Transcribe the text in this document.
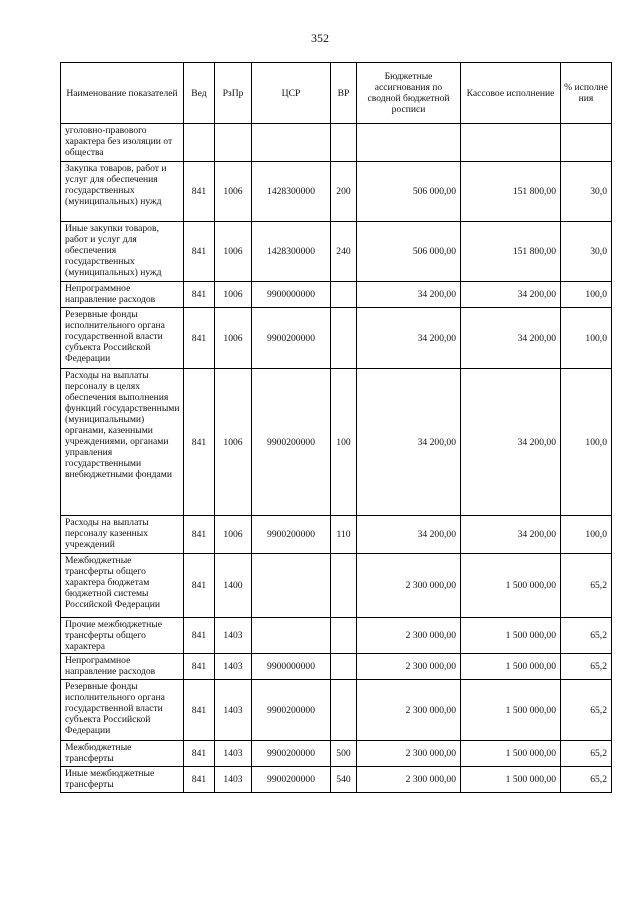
352
Наименование показателей	Вед	РзПр	ЦСР	ВР	Бюджетные ассигнования по сводной бюджетной росписи	Кассовое исполнение	% исполне ния
уголовно-правового характера без изоляции от общества							
Закупка товаров, работ и услуг для обеспечения государственных (муниципальных) нужд	841	1006	1428300000	200	506 000,00	151 800,00	30,0
Иные закупки товаров, работ и услуг для обеспечения государственных (муниципальных) нужд	841	1006	1428300000	240	506 000,00	151 800,00	30,0
Непрограммное направление расходов	841	1006	9900000000		34 200,00	34 200,00	100,0
Резервные фонды исполнительного органа государственной власти субъекта Российской Федерации	841	1006	9900200000		34 200,00	34 200,00	100,0
Расходы на выплаты персоналу в целях обеспечения выполнения функций государственными (муниципальными) органами, казенными учреждениями, органами управления государственными внебюджетными фондами	841	1006	9900200000	100	34 200,00	34 200,00	100,0
Расходы на выплаты персоналу казенных учреждений	841	1006	9900200000	110	34 200,00	34 200,00	100,0
Межбюджетные трансферты общего характера бюджетам бюджетной системы Российской Федерации	841	1400			2 300 000,00	1 500 000,00	65,2
Прочие межбюджетные трансферты общего характера	841	1403			2 300 000,00	1 500 000,00	65,2
Непрограммное направление расходов	841	1403	9900000000		2 300 000,00	1 500 000,00	65,2
Резервные фонды исполнительного органа государственной власти субъекта Российской Федерации	841	1403	9900200000		2 300 000,00	1 500 000,00	65,2
Межбюджетные трансферты	841	1403	9900200000	500	2 300 000,00	1 500 000,00	65,2
Иные межбюджетные трансферты	841	1403	9900200000	540	2 300 000,00	1 500 000,00	65,2
